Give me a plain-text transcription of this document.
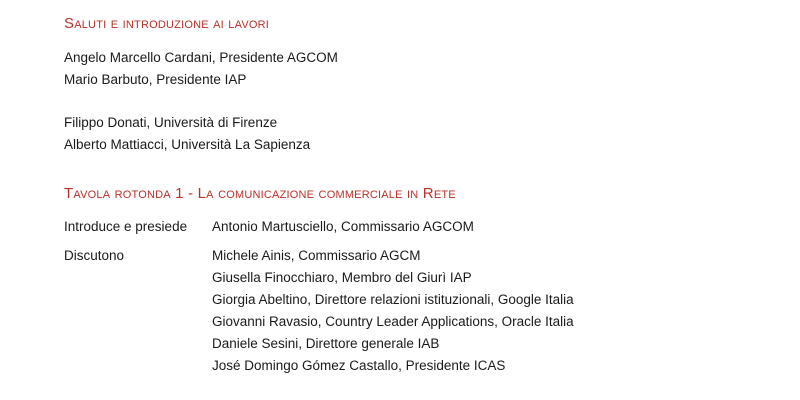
Saluti e introduzione ai lavori
Angelo Marcello Cardani, Presidente AGCOM
Mario Barbuto, Presidente IAP
Filippo Donati, Università di Firenze
Alberto Mattiacci, Università La Sapienza
Tavola rotonda 1 - La comunicazione commerciale in Rete
Introduce e presiede Antonio Martusciello, Commissario AGCOM
Discutono	Michele Ainis, Commissario AGCM
Giusella Finocchiaro, Membro del Giurì IAP
Giorgia Abeltino, Direttore relazioni istituzionali, Google Italia
Giovanni Ravasio, Country Leader Applications, Oracle Italia
Daniele Sesini, Direttore generale IAB
José Domingo Gómez Castallo, Presidente ICAS
